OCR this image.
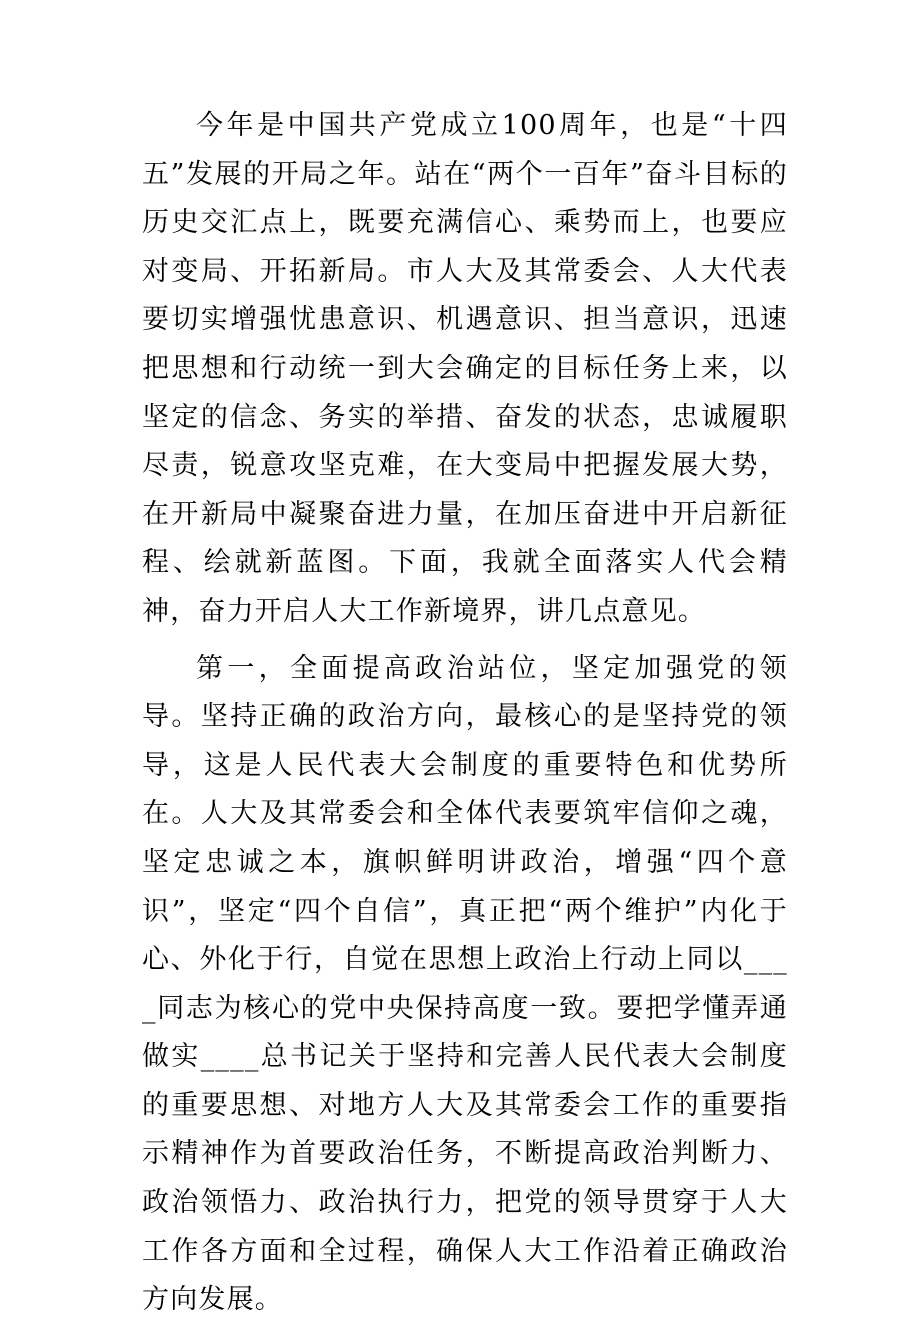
今年是中国共产党成立100周年，也是“十四五”发展的开局之年。站在“两个一百年”奋斗目标的历史交汇点上，既要充满信心、乘势而上，也要应对变局、开拓新局。市人大及其常委会、人大代表要切实增强忧患意识、机遇意识、担当意识，迅速把思想和行动统一到大会确定的目标任务上来，以坚定的信念、务实的举措、奋发的状态，忠诚履职尽责，锐意攻坚克难，在大变局中把握发展大势，在开新局中凝聚奋进力量，在加压奋进中开启新征程、绘就新蓝图。下面，我就全面落实人代会精神，奋力开启人大工作新境界，讲几点意见。

第一，全面提高政治站位，坚定加强党的领导。坚持正确的政治方向，最核心的是坚持党的领导，这是人民代表大会制度的重要特色和优势所在。人大及其常委会和全体代表要筑牢信仰之魂，坚定忠诚之本，旗帜鲜明讲政治，增强“四个意识”，坚定“四个自信”，真正把“两个维护”内化于心、外化于行，自觉在思想上政治上行动上同以____同志为核心的党中央保持高度一致。要把学懂弄通做实____总书记关于坚持和完善人民代表大会制度的重要思想、对地方人大及其常委会工作的重要指示精神作为首要政治任务，不断提高政治判断力、政治领悟力、政治执行力，把党的领导贯穿于人大工作各方面和全过程，确保人大工作沿着正确政治方向发展。
